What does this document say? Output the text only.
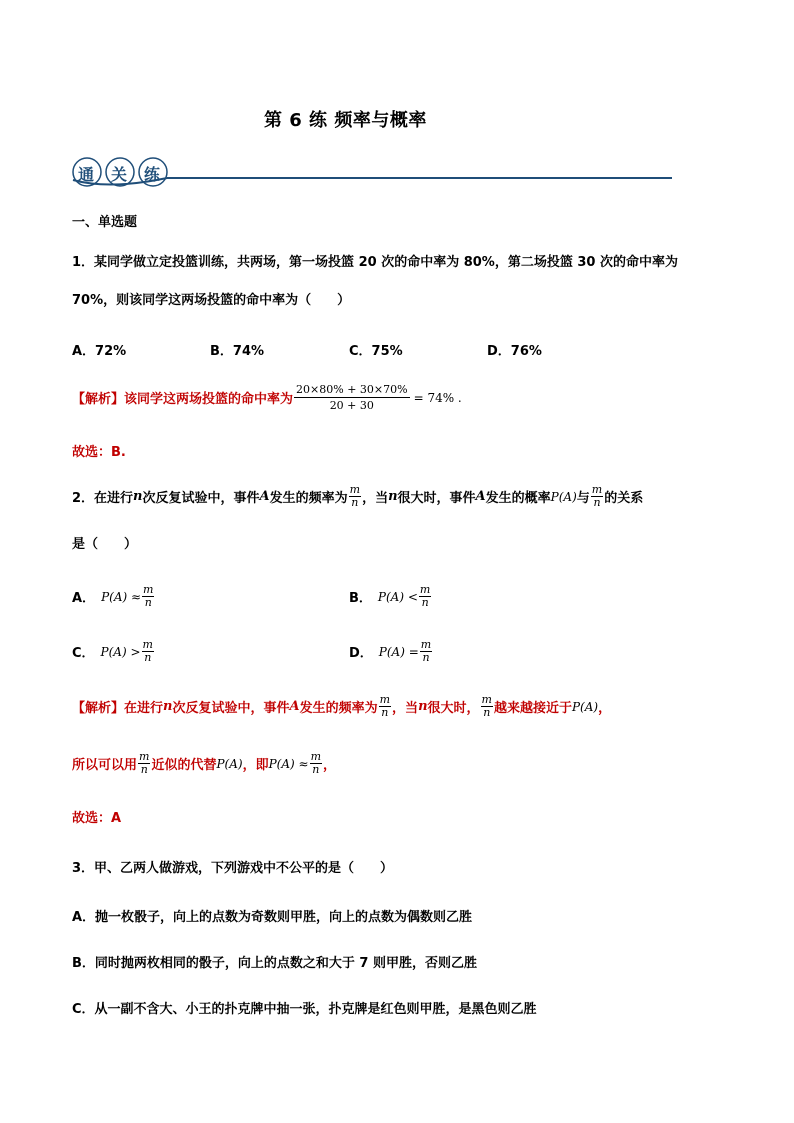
第 6 练 频率与概率
通 关 练
一、单选题
1．某同学做立定投篮训练，共两场，第一场投篮 20 次的命中率为 80%，第二场投篮 30 次的命中率为
70%，则该同学这两场投篮的命中率为（　　）
A．72%	B．74%	C．75%	D．76%
【解析】 该同学这两场投篮的命中率为 $\frac{20\times 80\% + 30\times 70\%}{20 + 30} = 74\%$ .
故选：B.
2．在进行 n 次反复试验中，事件 A 发生的频率为 $\frac{m}{n}$ ，当 n 很大时，事件 A 发生的概率 P(A) 与 $\frac{m}{n}$ 的关系
是（　　）
A． $P(A) \approx \frac{m}{n}$	B． $P(A) < \frac{m}{n}$
C． $P(A) > \frac{m}{n}$	D． $P(A) = \frac{m}{n}$
【解析】 在进行 n 次反复试验中，事件 A 发生的频率为 $\frac{m}{n}$ ，当 n 很大时， $\frac{m}{n}$ 越来越接近于 P(A) ，
所以可以用 $\frac{m}{n}$ 近似的代替 P(A) ，即 $P(A) \approx \frac{m}{n}$ ，
故选：A
3．甲、乙两人做游戏，下列游戏中不公平的是（　　）
A．抛一枚骰子，向上的点数为奇数则甲胜，向上的点数为偶数则乙胜
B．同时抛两枚相同的骰子，向上的点数之和大于 7 则甲胜，否则乙胜
C．从一副不含大、小王的扑克牌中抽一张，扑克牌是红色则甲胜，是黑色则乙胜
